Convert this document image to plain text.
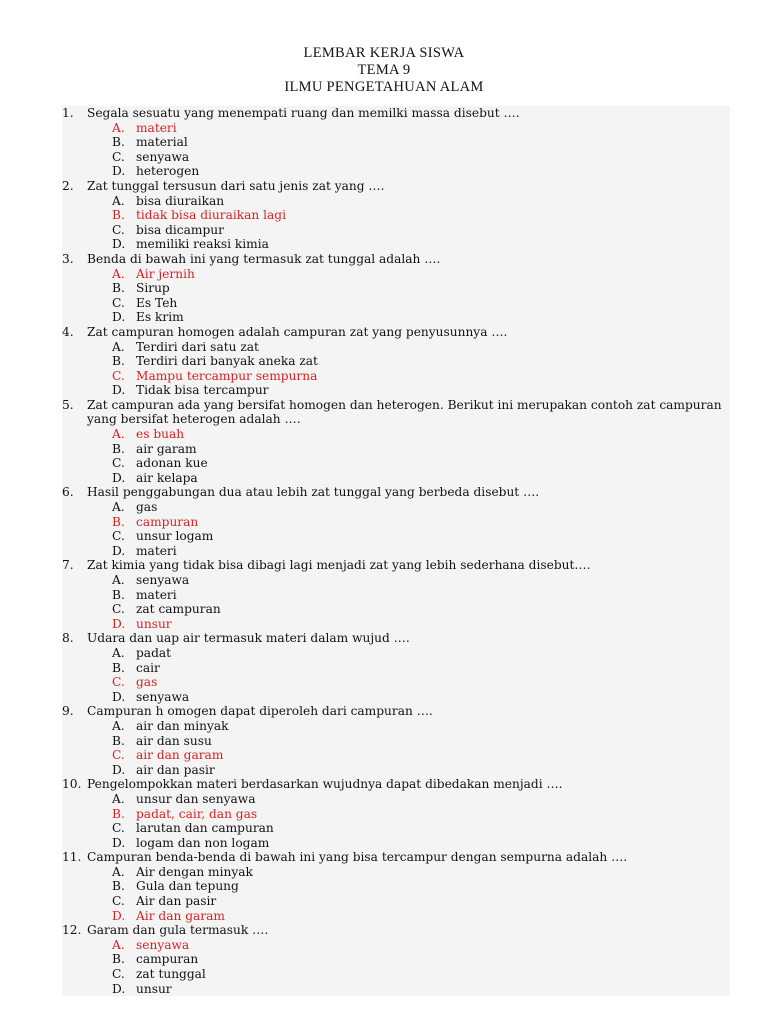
LEMBAR KERJA SISWA
TEMA 9
ILMU PENGETAHUAN ALAM
1. Segala sesuatu yang menempati ruang dan memilki massa disebut ….
A. materi
B. material
C. senyawa
D. heterogen
2. Zat tunggal tersusun dari satu jenis zat yang ….
A. bisa diuraikan
B. tidak bisa diuraikan lagi
C. bisa dicampur
D. memiliki reaksi kimia
3. Benda di bawah ini yang termasuk zat tunggal adalah ….
A. Air jernih
B. Sirup
C. Es Teh
D. Es krim
4. Zat campuran homogen adalah campuran zat yang penyusunnya ….
A. Terdiri dari satu zat
B. Terdiri dari banyak aneka zat
C. Mampu tercampur sempurna
D. Tidak bisa tercampur
5. Zat campuran ada yang bersifat homogen dan heterogen. Berikut ini merupakan contoh zat campuran yang bersifat heterogen adalah ….
A. es buah
B. air garam
C. adonan kue
D. air kelapa
6. Hasil penggabungan dua atau lebih zat tunggal yang berbeda disebut ….
A. gas
B. campuran
C. unsur logam
D. materi
7. Zat kimia yang tidak bisa dibagi lagi menjadi zat yang lebih sederhana disebut….
A. senyawa
B. materi
C. zat campuran
D. unsur
8. Udara dan uap air termasuk materi dalam wujud ….
A. padat
B. cair
C. gas
D. senyawa
9. Campuran h omogen dapat diperoleh dari campuran ….
A. air dan minyak
B. air dan susu
C. air dan garam
D. air dan pasir
10. Pengelompokkan materi berdasarkan wujudnya dapat dibedakan menjadi ….
A. unsur dan senyawa
B. padat, cair, dan gas
C. larutan dan campuran
D. logam dan non logam
11. Campuran benda-benda di bawah ini yang bisa tercampur dengan sempurna adalah ….
A. Air dengan minyak
B. Gula dan tepung
C. Air dan pasir
D. Air dan garam
12. Garam dan gula termasuk ….
A. senyawa
B. campuran
C. zat tunggal
D. unsur
